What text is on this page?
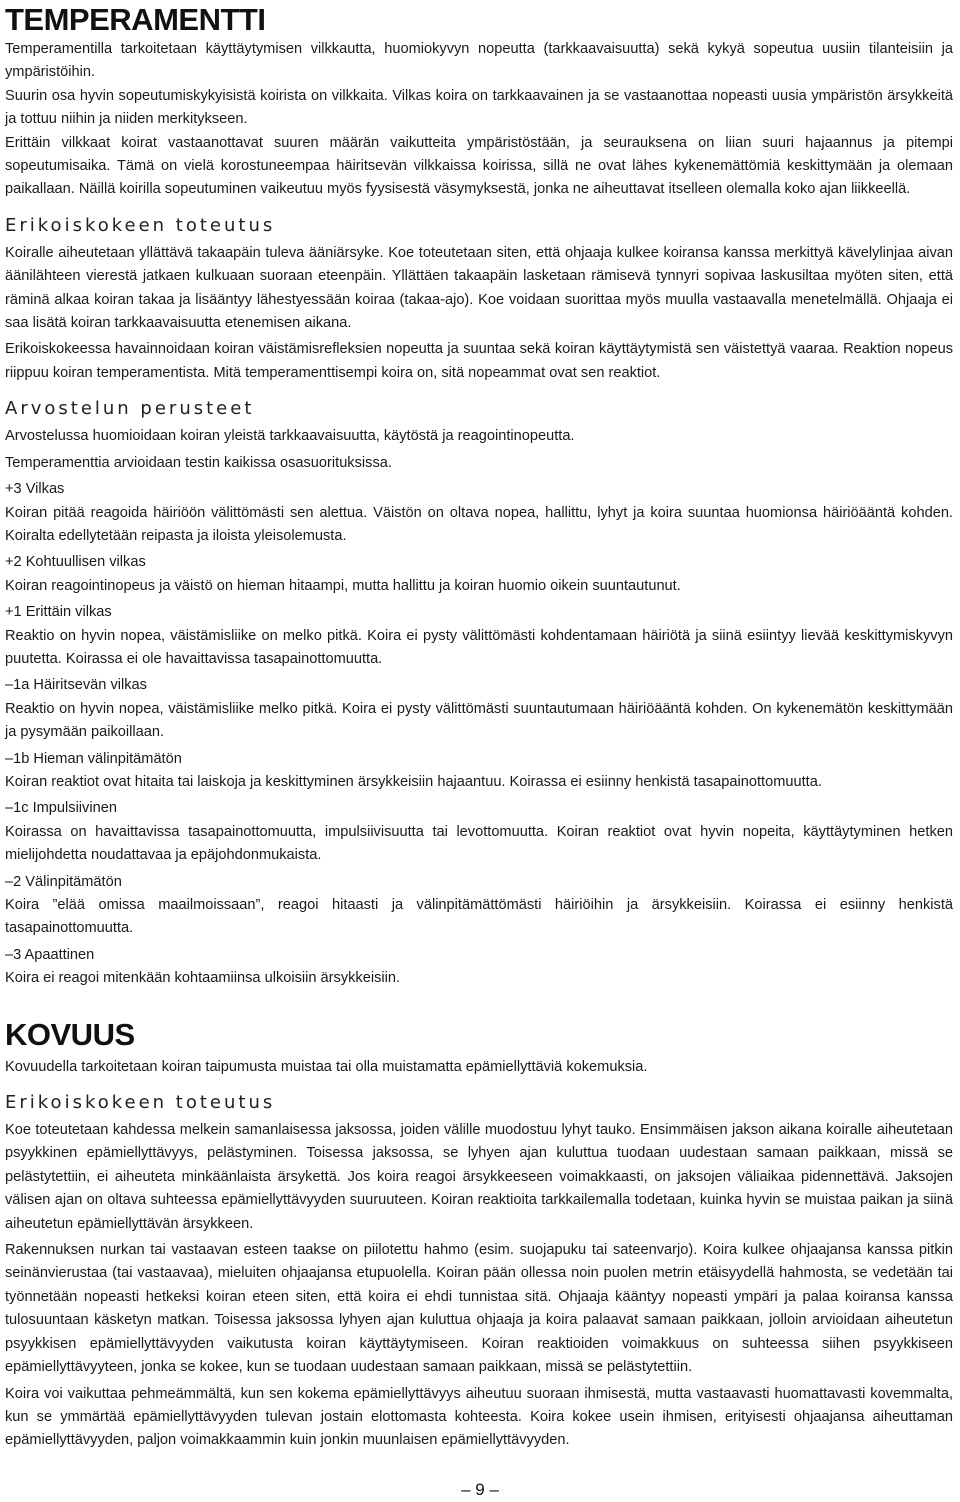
TEMPERAMENTTI

Temperamentilla tarkoitetaan käyttäytymisen vilkkautta, huomiokyvyn nopeutta (tarkkaavaisuutta) sekä kykyä sopeutua uusiin tilanteisiin ja ympäristöihin.

Suurin osa hyvin sopeutumiskykyisistä koirista on vilkkaita. Vilkas koira on tarkkaavainen ja se vastaanottaa nopeasti uusia ympäristön ärsykkeitä ja tottuu niihin ja niiden merkitykseen.

Erittäin vilkkaat koirat vastaanottavat suuren määrän vaikutteita ympäristöstään, ja seurauksena on liian suuri hajaannus ja pitempi sopeutumisaika. Tämä on vielä korostuneempaa häiritsevän vilkkaissa koirissa, sillä ne ovat lähes kykenemättömiä keskittymään ja olemaan paikallaan. Näillä koirilla sopeutuminen vaikeutuu myös fyysisestä väsymyksestä, jonka ne aiheuttavat itselleen olemalla koko ajan liikkeellä.

Erikoiskokeen toteutus

Koiralle aiheutetaan yllättävä takaapäin tuleva ääniärsyke. Koe toteutetaan siten, että ohjaaja kulkee koiransa kanssa merkittyä kävelylinjaa aivan äänilähteen vierestä jatkaen kulkuaan suoraan eteenpäin. Yllättäen takaapäin lasketaan rämisevä tynnyri sopivaa laskusiltaa myöten siten, että räminä alkaa koiran takaa ja lisääntyy lähestyessään koiraa (takaa-ajo). Koe voidaan suorittaa myös muulla vastaavalla menetelmällä. Ohjaaja ei saa lisätä koiran tarkkaavaisuutta etenemisen aikana.

Erikoiskokeessa havainnoidaan koiran väistämisrefleksien nopeutta ja suuntaa sekä koiran käyttäytymistä sen väistettyä vaaraa. Reaktion nopeus riippuu koiran temperamentista. Mitä temperamenttisempi koira on, sitä nopeammat ovat sen reaktiot.

Arvostelun perusteet

Arvostelussa huomioidaan koiran yleistä tarkkaavaisuutta, käytöstä ja reagointinopeutta.

Temperamenttia arvioidaan testin kaikissa osasuorituksissa.

+3 Vilkas

Koiran pitää reagoida häiriöön välittömästi sen alettua. Väistön on oltava nopea, hallittu, lyhyt ja koira suuntaa huomionsa häiriöääntä kohden. Koiralta edellytetään reipasta ja iloista yleisolemusta.

+2 Kohtuullisen vilkas

Koiran reagointinopeus ja väistö on hieman hitaampi, mutta hallittu ja koiran huomio oikein suuntautunut.

+1 Erittäin vilkas

Reaktio on hyvin nopea, väistämisliike on melko pitkä. Koira ei pysty välittömästi kohdentamaan häiriötä ja siinä esiintyy lievää keskittymiskyvyn puutetta. Koirassa ei ole havaittavissa tasapainottomuutta.

–1a Häiritsevän vilkas

Reaktio on hyvin nopea, väistämisliike melko pitkä. Koira ei pysty välittömästi suuntautumaan häiriöääntä kohden. On kykenemätön keskittymään ja pysymään paikoillaan.

–1b Hieman välinpitämätön

Koiran reaktiot ovat hitaita tai laiskoja ja keskittyminen ärsykkeisiin hajaantuu. Koirassa ei esiinny henkistä tasapainottomuutta.

–1c Impulsiivinen

Koirassa on havaittavissa tasapainottomuutta, impulsiivisuutta tai levottomuutta. Koiran reaktiot ovat hyvin nopeita, käyttäytyminen hetken mielijohdetta noudattavaa ja epäjohdonmukaista.

–2 Välinpitämätön

Koira ”elää omissa maailmoissaan”, reagoi hitaasti ja välinpitämättömästi häiriöihin ja ärsykkeisiin. Koirassa ei esiinny henkistä tasapainottomuutta.

–3 Apaattinen

Koira ei reagoi mitenkään kohtaamiinsa ulkoisiin ärsykkeisiin.

KOVUUS

Kovuudella tarkoitetaan koiran taipumusta muistaa tai olla muistamatta epämiellyttäviä kokemuksia.

Erikoiskokeen toteutus

Koe toteutetaan kahdessa melkein samanlaisessa jaksossa, joiden välille muodostuu lyhyt tauko. Ensimmäisen jakson aikana koiralle aiheutetaan psyykkinen epämiellyttävyys, pelästyminen. Toisessa jaksossa, se lyhyen ajan kuluttua tuodaan uudestaan samaan paikkaan, missä se pelästytettiin, ei aiheuteta minkäänlaista ärsykettä. Jos koira reagoi ärsykkeeseen voimakkaasti, on jaksojen väliaikaa pidennettävä. Jaksojen välisen ajan on oltava suhteessa epämiellyttävyyden suuruuteen. Koiran reaktioita tarkkailemalla todetaan, kuinka hyvin se muistaa paikan ja siinä aiheutetun epämiellyttävän ärsykkeen.

Rakennuksen nurkan tai vastaavan esteen taakse on piilotettu hahmo (esim. suojapuku tai sateenvarjo). Koira kulkee ohjaajansa kanssa pitkin seinänvierustaa (tai vastaavaa), mieluiten ohjaajansa etupuolella. Koiran pään ollessa noin puolen metrin etäisyydellä hahmosta, se vedetään tai työnnetään nopeasti hetkeksi koiran eteen siten, että koira ei ehdi tunnistaa sitä. Ohjaaja kääntyy nopeasti ympäri ja palaa koiransa kanssa tulosuuntaan käsketyn matkan. Toisessa jaksossa lyhyen ajan kuluttua ohjaaja ja koira palaavat samaan paikkaan, jolloin arvioidaan aiheutetun psyykkisen epämiellyttävyyden vaikutusta koiran käyttäytymiseen. Koiran reaktioiden voimakkuus on suhteessa siihen psyykkiseen epämiellyttävyyteen, jonka se kokee, kun se tuodaan uudestaan samaan paikkaan, missä se pelästytettiin.

Koira voi vaikuttaa pehmeämmältä, kun sen kokema epämiellyttävyys aiheutuu suoraan ihmisestä, mutta vastaavasti huomattavasti kovemmalta, kun se ymmärtää epämiellyttävyyden tulevan jostain elottomasta kohteesta. Koira kokee usein ihmisen, erityisesti ohjaajansa aiheuttaman epämiellyttävyyden, paljon voimakkaammin kuin jonkin muunlaisen epämiellyttävyyden.

– 9 –
